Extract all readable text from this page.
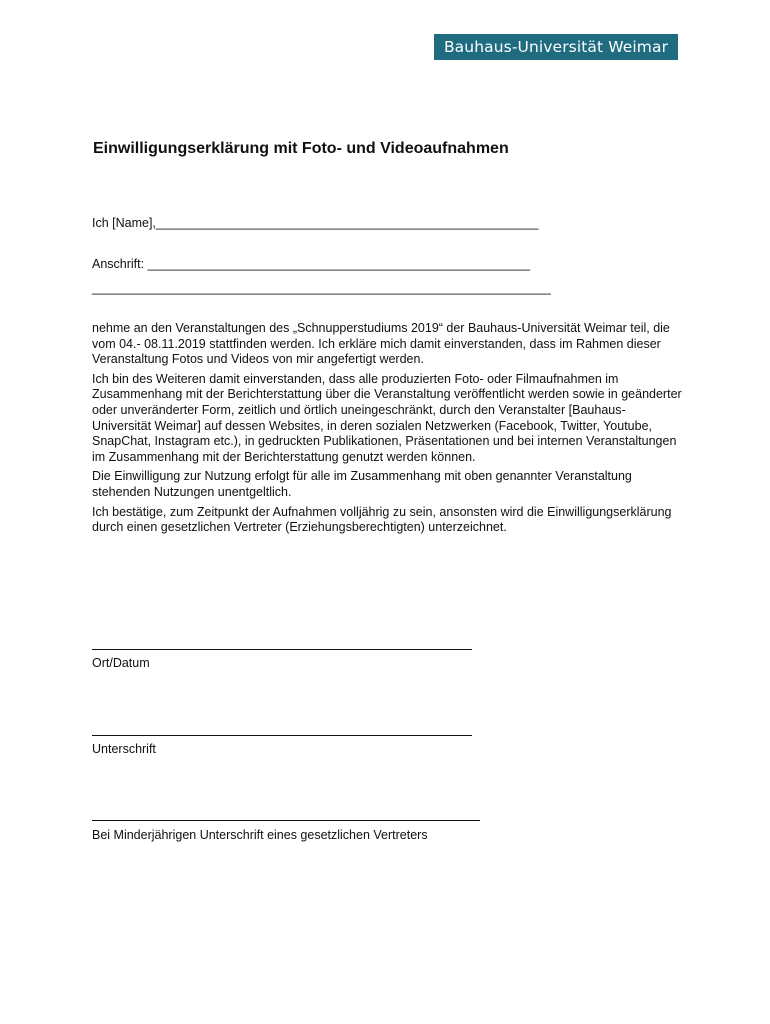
Bauhaus-Universität Weimar
Einwilligungserklärung mit Foto- und Videoaufnahmen
Ich [Name],_______________________________________________________
Anschrift: _______________________________________________________
__________________________________________________________________

nehme an den Veranstaltungen des „Schnupperstudiums 2019“ der Bauhaus-Universität Weimar teil, die vom 04.- 08.11.2019 stattfinden werden. Ich erkläre mich damit einverstanden, dass im Rahmen dieser Veranstaltung Fotos und Videos von mir angefertigt werden.

Ich bin des Weiteren damit einverstanden, dass alle produzierten Foto- oder Filmaufnahmen im Zusammenhang mit der Berichterstattung über die Veranstaltung veröffentlicht werden sowie in geänderter oder unveränderter Form, zeitlich und örtlich uneingeschränkt, durch den Veranstalter [Bauhaus-Universität Weimar] auf dessen Websites, in deren sozialen Netzwerken (Facebook, Twitter, Youtube, SnapChat, Instagram etc.), in gedruckten Publikationen, Präsentationen und bei internen Veranstaltungen im Zusammenhang mit der Berichterstattung genutzt werden können.

Die Einwilligung zur Nutzung erfolgt für alle im Zusammenhang mit oben genannter Veranstaltung stehenden Nutzungen unentgeltlich.

Ich bestätige, zum Zeitpunkt der Aufnahmen volljährig zu sein, ansonsten wird die Einwilligungserklärung durch einen gesetzlichen Vertreter (Erziehungsberechtigten) unterzeichnet.

Ort/Datum
Unterschrift
Bei Minderjährigen Unterschrift eines gesetzlichen Vertreters
